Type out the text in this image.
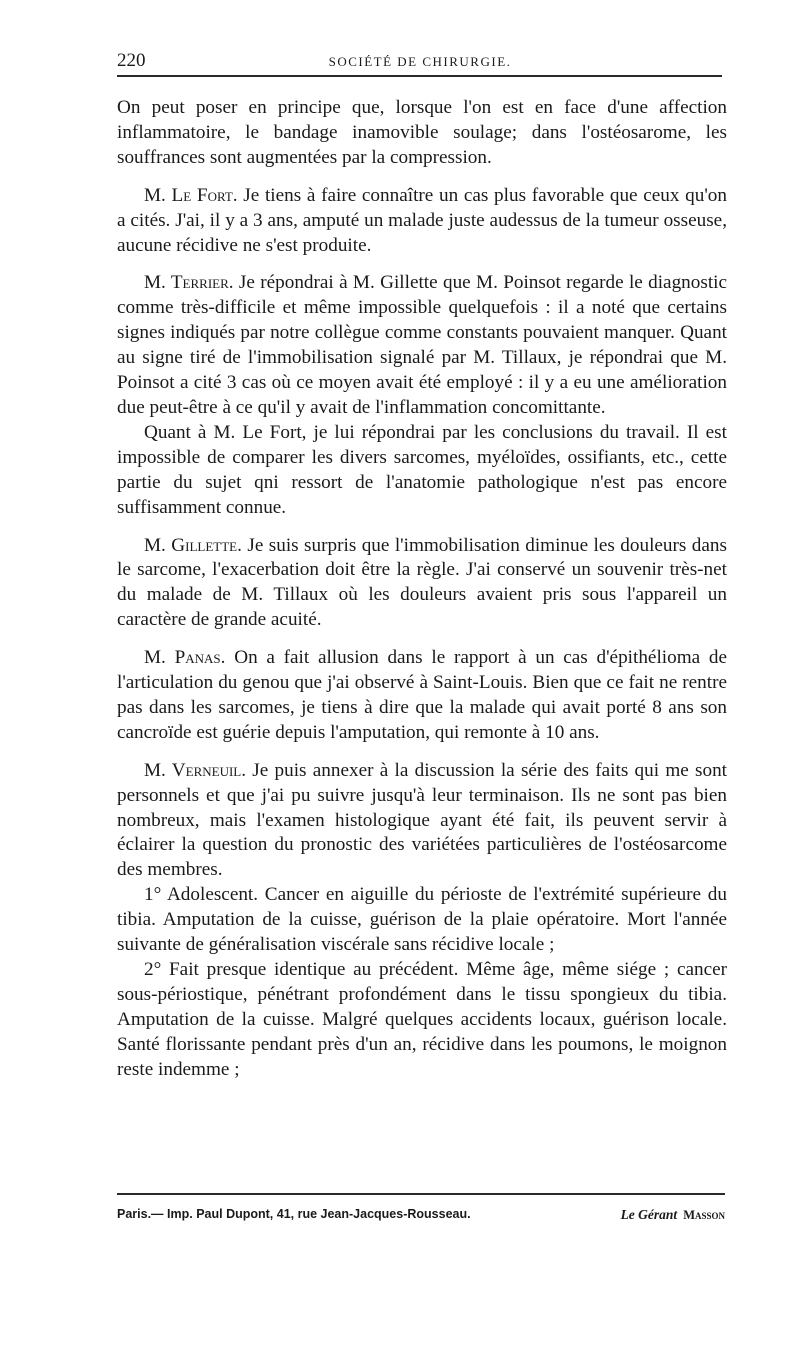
220	SOCIÉTÉ DE CHIRURGIE.

On peut poser en principe que, lorsque l'on est en face d'une affection inflammatoire, le bandage inamovible soulage; dans l'ostéosarome, les souffrances sont augmentées par la compression.

M. Le Fort. Je tiens à faire connaître un cas plus favorable que ceux qu'on a cités. J'ai, il y a 3 ans, amputé un malade juste audessus de la tumeur osseuse, aucune récidive ne s'est produite.

M. Terrier. Je répondrai à M. Gillette que M. Poinsot regarde le diagnostic comme très-difficile et même impossible quelquefois : il a noté que certains signes indiqués par notre collègue comme constants pouvaient manquer. Quant au signe tiré de l'immobilisation signalé par M. Tillaux, je répondrai que M. Poinsot a cité 3 cas où ce moyen avait été employé : il y a eu une amélioration due peut-être à ce qu'il y avait de l'inflammation concomittante.

Quant à M. Le Fort, je lui répondrai par les conclusions du travail. Il est impossible de comparer les divers sarcomes, myéloïdes, ossifiants, etc., cette partie du sujet qni ressort de l'anatomie pathologique n'est pas encore suffisamment connue.

M. Gillette. Je suis surpris que l'immobilisation diminue les douleurs dans le sarcome, l'exacerbation doit être la règle. J'ai conservé un souvenir très-net du malade de M. Tillaux où les douleurs avaient pris sous l'appareil un caractère de grande acuité.

M. Panas. On a fait allusion dans le rapport à un cas d'épithélioma de l'articulation du genou que j'ai observé à Saint-Louis. Bien que ce fait ne rentre pas dans les sarcomes, je tiens à dire que la malade qui avait porté 8 ans son cancroïde est guérie depuis l'amputation, qui remonte à 10 ans.

M. Verneuil. Je puis annexer à la discussion la série des faits qui me sont personnels et que j'ai pu suivre jusqu'à leur terminaison. Ils ne sont pas bien nombreux, mais l'examen histologique ayant été fait, ils peuvent servir à éclairer la question du pronostic des variétées particulières de l'ostéosarcome des membres.

1° Adolescent. Cancer en aiguille du périoste de l'extrémité supérieure du tibia. Amputation de la cuisse, guérison de la plaie opératoire. Mort l'année suivante de généralisation viscérale sans récidive locale ;

2° Fait presque identique au précédent. Même âge, même siége ; cancer sous-périostique, pénétrant profondément dans le tissu spongieux du tibia. Amputation de la cuisse. Malgré quelques accidents locaux, guérison locale. Santé florissante pendant près d'un an, récidive dans les poumons, le moignon reste indemme ;

Paris.— Imp. Paul Dupont, 41, rue Jean-Jacques-Rousseau.	Le Gérant Masson
